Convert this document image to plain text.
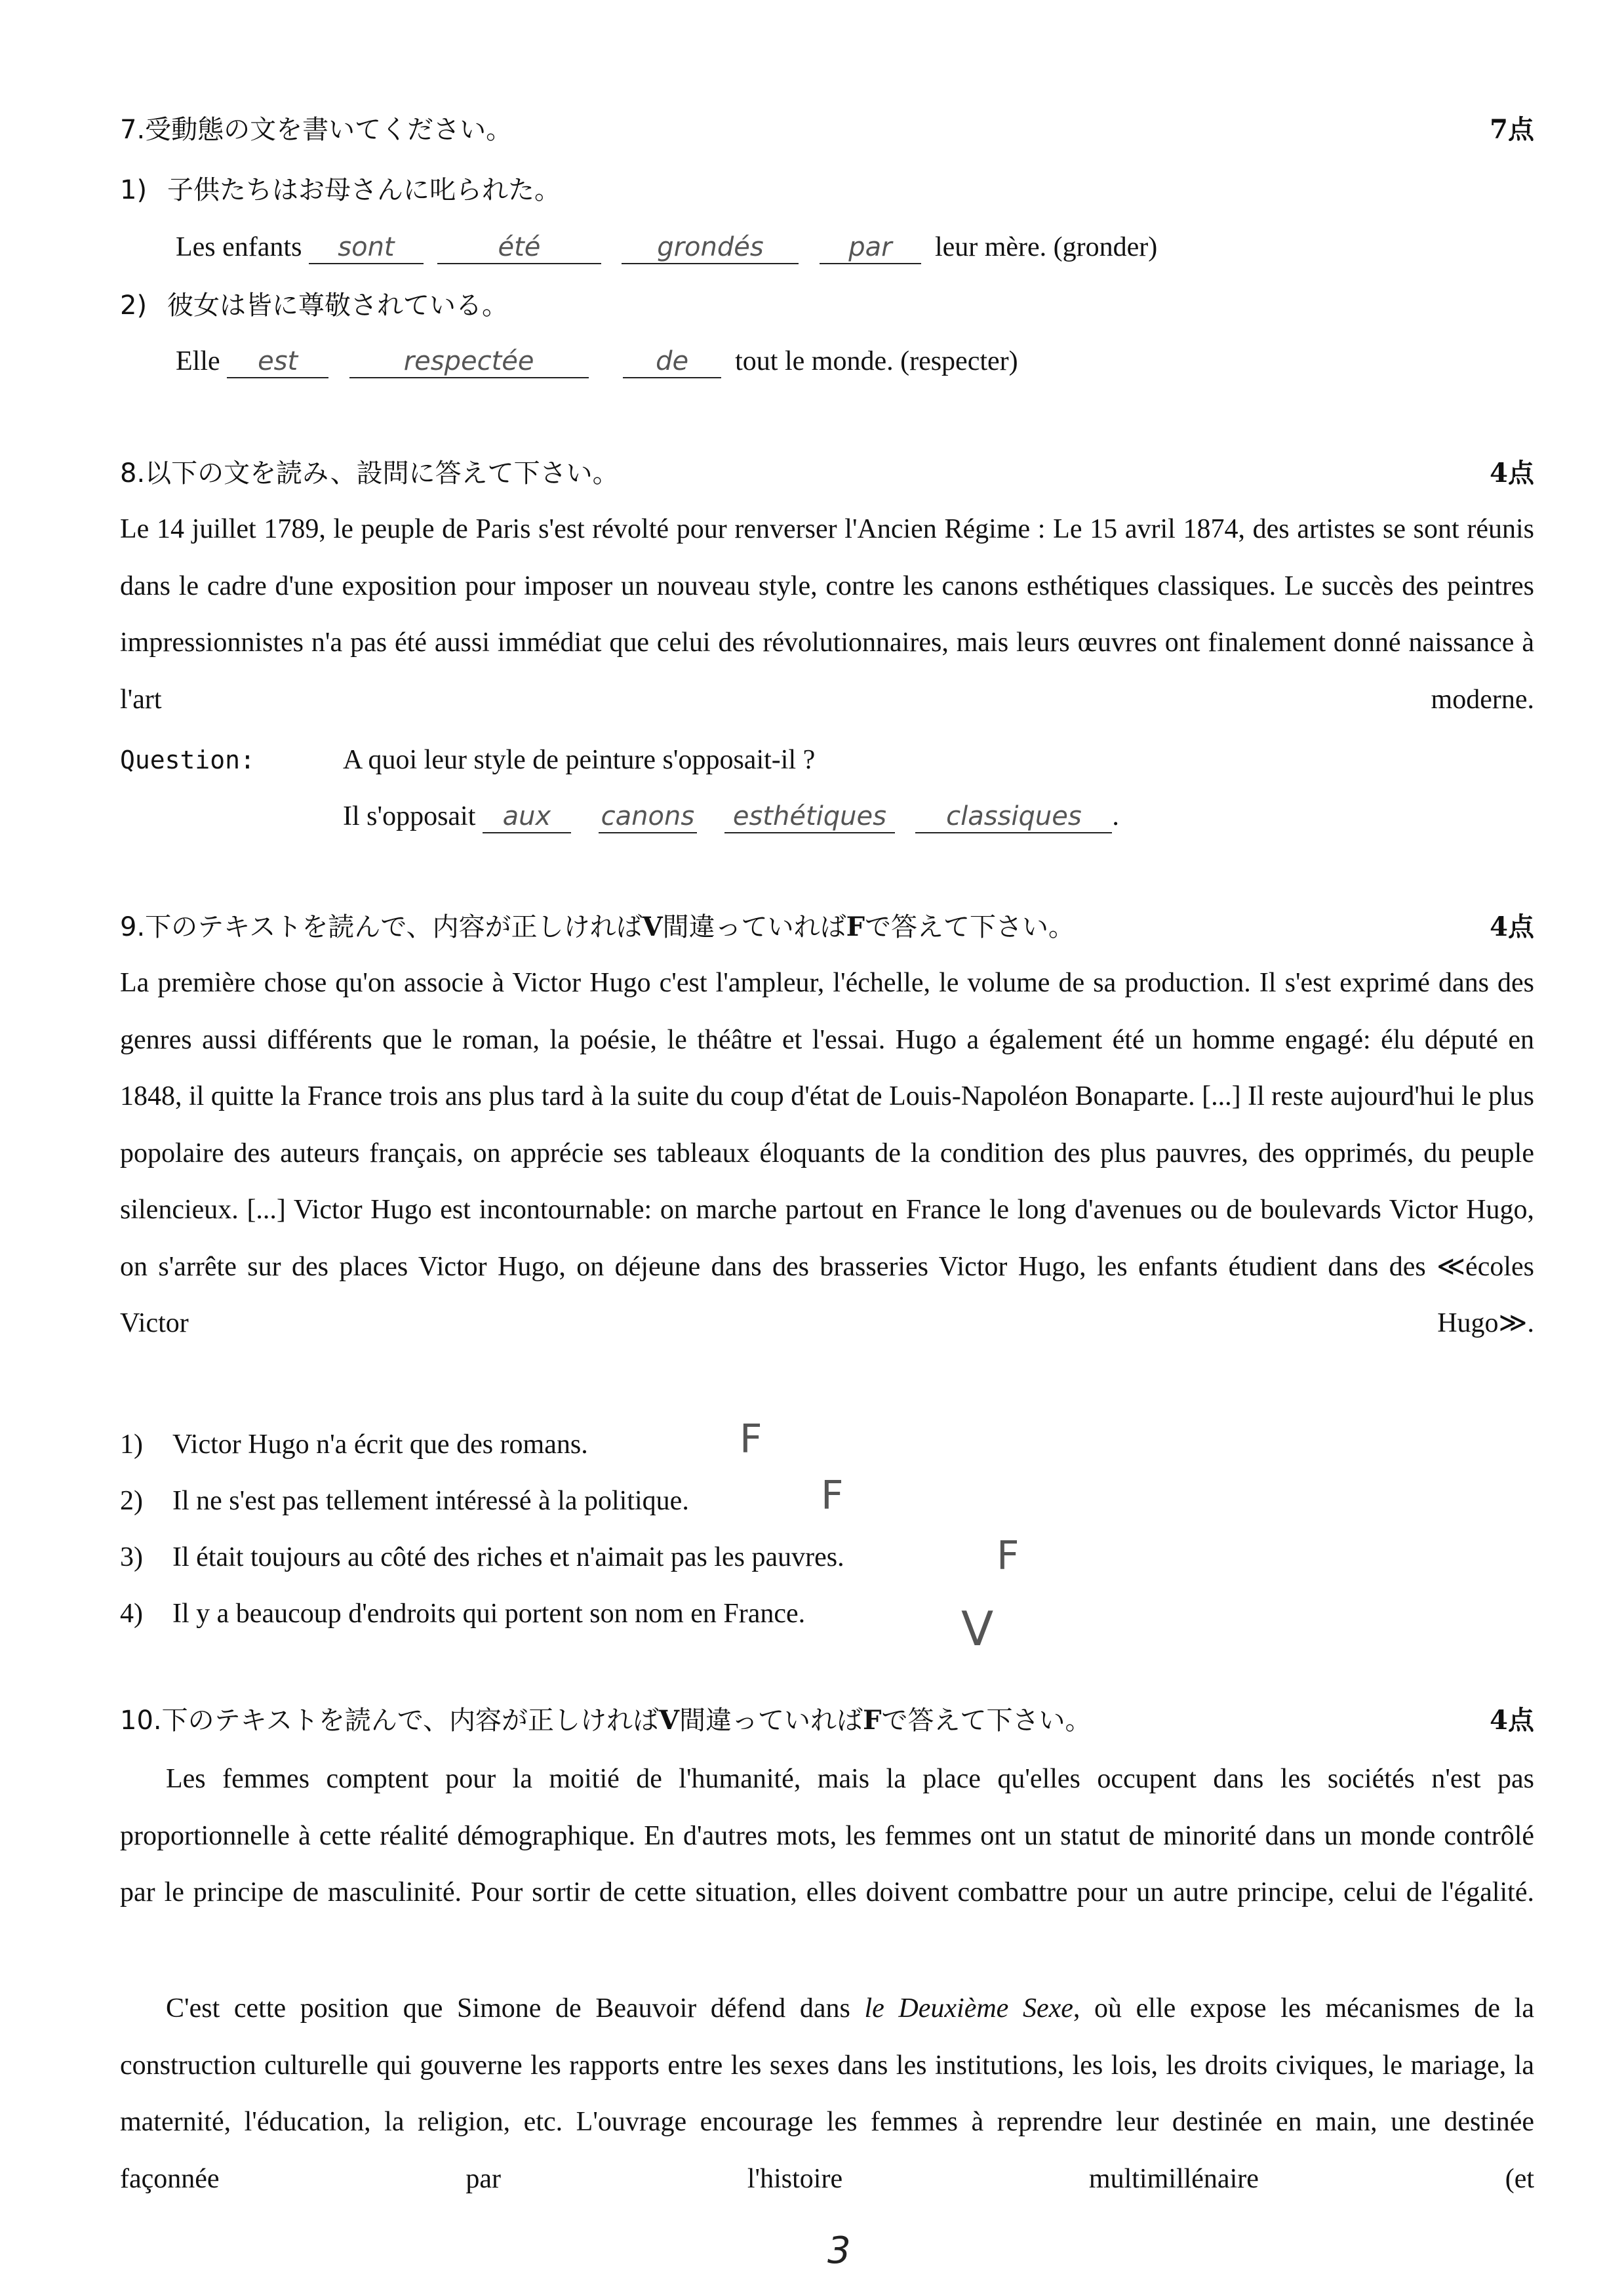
7.受動態の文を書いてください。	7点
1) 子供たちはお母さんに叱られた。
Les enfants sont	été	grondés	par leur mère. (gronder)
2) 彼女は皆に尊敬されている。
Elle est	respectée	de tout le monde. (respecter)
8.以下の文を読み、設問に答えて下さい。	4点
Le 14 juillet 1789, le peuple de Paris s'est révolté pour renverser l'Ancien Régime : Le 15 avril 1874, des artistes se sont réunis dans le cadre d'une exposition pour imposer un nouveau style, contre les canons esthétiques classiques. Le succès des peintres impressionnistes n'a pas été aussi immédiat que celui des révolutionnaires, mais leurs œuvres ont finalement donné naissance à l'art moderne.
Question:	A quoi leur style de peinture s'opposait-il ?
Il s'opposait aux canons esthétiques classiques .
9.下のテキストを読んで、内容が正しければV間違っていればFで答えて下さい。	4点
La première chose qu'on associe à Victor Hugo c'est l'ampleur, l'échelle, le volume de sa production. Il s'est exprimé dans des genres aussi différents que le roman, la poésie, le théâtre et l'essai. Hugo a également été un homme engagé: élu député en 1848, il quitte la France trois ans plus tard à la suite du coup d'état de Louis-Napoléon Bonaparte. [...] Il reste aujourd'hui le plus popolaire des auteurs français, on apprécie ses tableaux éloquants de la condition des plus pauvres, des opprimés, du peuple silencieux. [...] Victor Hugo est incontournable: on marche partout en France le long d'avenues ou de boulevards Victor Hugo, on s'arrête sur des places Victor Hugo, on déjeune dans des brasseries Victor Hugo, les enfants étudient dans des ≪écoles Victor Hugo≫.
1) Victor Hugo n'a écrit que des romans.	F
2) Il ne s'est pas tellement intéressé à la politique.	F
3) Il était toujours au côté des riches et n'aimait pas les pauvres.	F
4) Il y a beaucoup d'endroits qui portent son nom en France.	V
10.下のテキストを読んで、内容が正しければV間違っていればFで答えて下さい。	4点
Les femmes comptent pour la moitié de l'humanité, mais la place qu'elles occupent dans les sociétés n'est pas proportionnelle à cette réalité démographique. En d'autres mots, les femmes ont un statut de minorité dans un monde contrôlé par le principe de masculinité. Pour sortir de cette situation, elles doivent combattre pour un autre principe, celui de l'égalité.
C'est cette position que Simone de Beauvoir défend dans le Deuxième Sexe, où elle expose les mécanismes de la construction culturelle qui gouverne les rapports entre les sexes dans les institutions, les lois, les droits civiques, le mariage, la maternité, l'éducation, la religion, etc. L'ouvrage encourage les femmes à reprendre leur destinée en main, une destinée façonnée par l'histoire multimillénaire (et
3
